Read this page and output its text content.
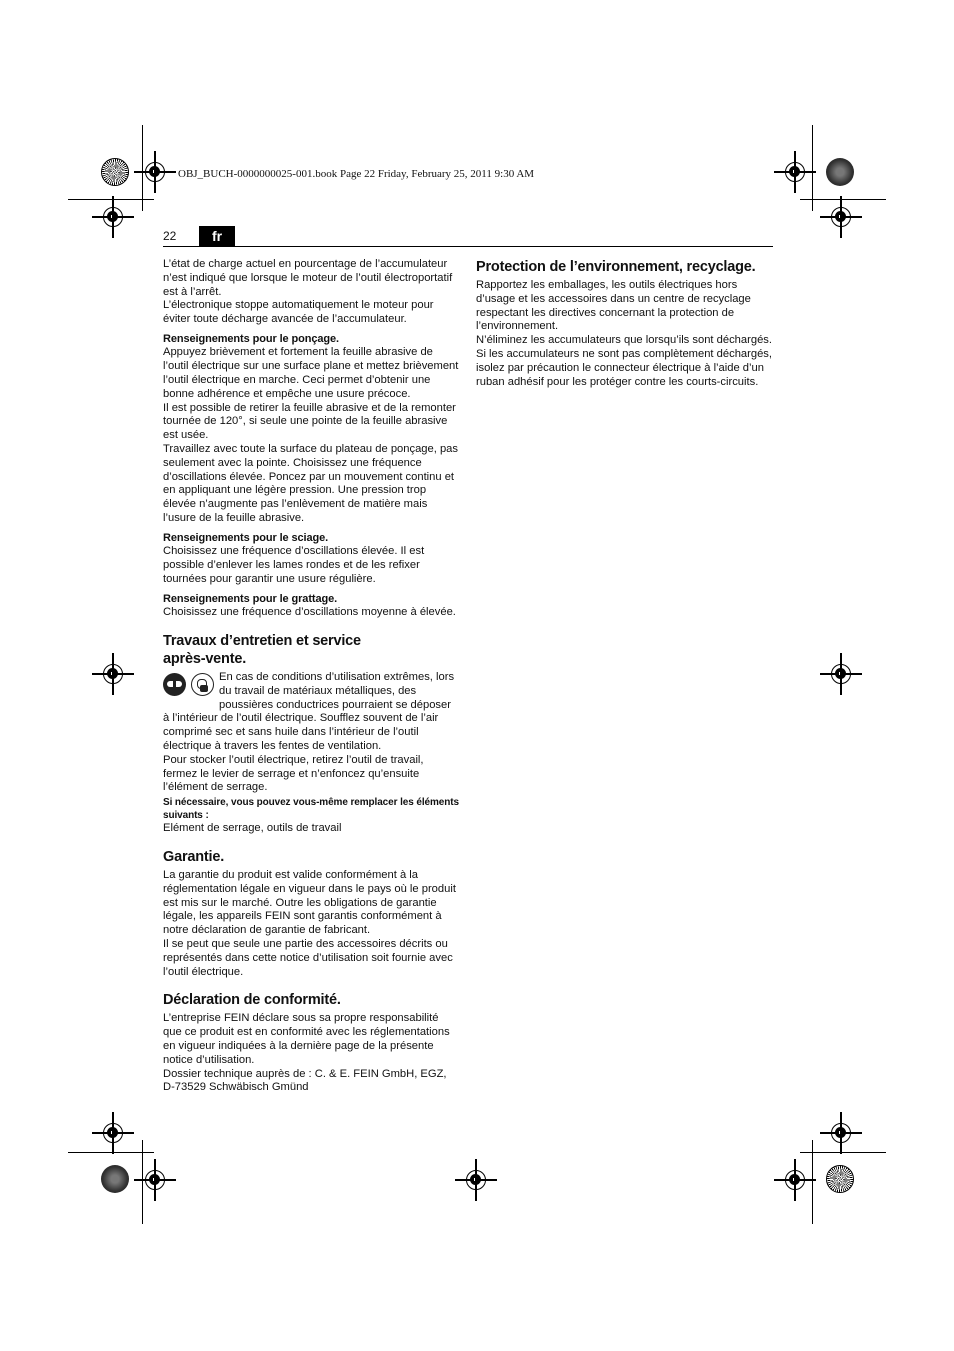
OBJ_BUCH-0000000025-001.book Page 22 Friday, February 25, 2011 9:30 AM
22	fr

L’état de charge actuel en pourcentage de l’accumulateur n’est indiqué que lorsque le moteur de l’outil électroportatif est à l’arrêt.

L’électronique stoppe automatiquement le moteur pour éviter toute décharge avancée de l’accumulateur.

Renseignements pour le ponçage.

Appuyez brièvement et fortement la feuille abrasive de l’outil électrique sur une surface plane et mettez brièvement l’outil électrique en marche. Ceci permet d’obtenir une bonne adhérence et empêche une usure précoce.

Il est possible de retirer la feuille abrasive et de la remonter tournée de 120°, si seule une pointe de la feuille abrasive est usée.

Travaillez avec toute la surface du plateau de ponçage, pas seulement avec la pointe. Choisissez une fréquence d’oscillations élevée. Poncez par un mouvement continu et en appliquant une légère pression. Une pression trop élevée n’augmente pas l’enlèvement de matière mais l’usure de la feuille abrasive.

Renseignements pour le sciage.

Choisissez une fréquence d’oscillations élevée. Il est possible d’enlever les lames rondes et de les refixer tournées pour garantir une usure régulière.

Renseignements pour le grattage.

Choisissez une fréquence d’oscillations moyenne à élevée.

Travaux d’entretien et service
après-vente.

En cas de conditions d’utilisation extrêmes, lors du travail de matériaux métalliques, des poussières conductrices pourraient se déposer à l’intérieur de l’outil électrique. Soufflez souvent de l’air comprimé sec et sans huile dans l’intérieur de l’outil électrique à travers les fentes de ventilation.

Pour stocker l’outil électrique, retirez l’outil de travail, fermez le levier de serrage et n’enfoncez qu’ensuite l’élément de serrage.

Si nécessaire, vous pouvez vous-même remplacer les éléments suivants :

Elément de serrage, outils de travail

Garantie.

La garantie du produit est valide conformément à la réglementation légale en vigueur dans le pays où le produit est mis sur le marché. Outre les obligations de garantie légale, les appareils FEIN sont garantis conformément à notre déclaration de garantie de fabricant.

Il se peut que seule une partie des accessoires décrits ou représentés dans cette notice d’utilisation soit fournie avec l’outil électrique.

Déclaration de conformité.

L’entreprise FEIN déclare sous sa propre responsabilité que ce produit est en conformité avec les réglementations en vigueur indiquées à la dernière page de la présente notice d’utilisation.

Dossier technique auprès de : C. & E. FEIN GmbH, EGZ,
D-73529 Schwäbisch Gmünd

Protection de l’environnement, recyclage.

Rapportez les emballages, les outils électriques hors d’usage et les accessoires dans un centre de recyclage respectant les directives concernant la protection de l’environnement.

N’éliminez les accumulateurs que lorsqu’ils sont déchargés.

Si les accumulateurs ne sont pas complètement déchargés, isolez par précaution le connecteur électrique à l’aide d’un ruban adhésif pour les protéger contre les courts-circuits.
